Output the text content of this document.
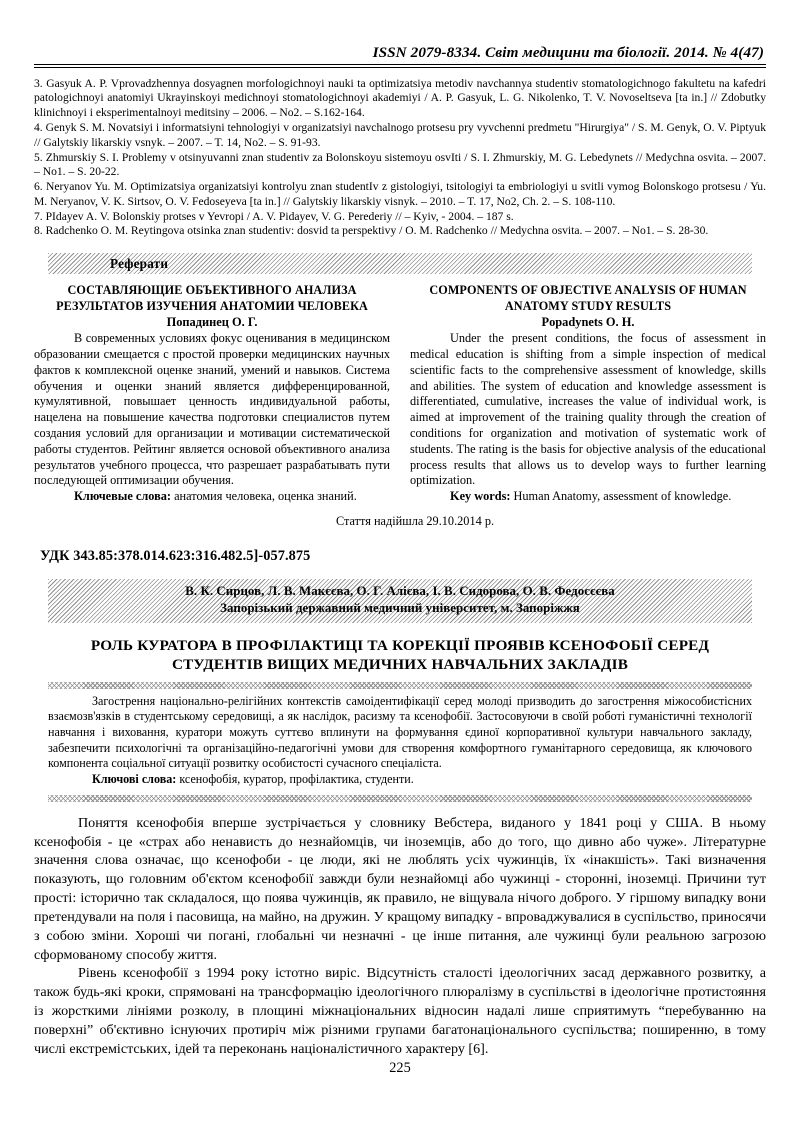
ISSN 2079-8334. Світ медицини та біології. 2014. № 4(47)

3. Gasyuk A. P. Vprovadzhennya dosyagnen morfologichnoyi nauki ta optimizatsiya metodiv navchannya studentiv stomatologichnogo fakultetu na kafedri patologichnoyi anatomiyi Ukrayinskoyi medichnoyi stomatologichnoyi akademiyi / A. P. Gasyuk, L. G. Nikolenko, T. V. Novoseltseva [ta in.] // Zdobutky klinichnoyi i eksperimentalnoyi meditsiny – 2006. – No2. – S.162-164.

4. Genyk S. M. Novatsiyi i informatsiyni tehnologiyi v organizatsiyi navchalnogo protsesu pry vyvchenni predmetu "Hirurgiya" / S. M. Genyk, O. V. Piptyuk // Galytskiy likarskiy vsnyk. – 2007. – T. 14, No2. – S. 91-93.

5. Zhmurskiy S. I. Problemy v otsinyuvanni znan studentiv za Bolonskoyu sistemoyu osvIti / S. I. Zhmurskiy, M. G. Lebedynets // Medychna osvita. – 2007. – No1. – S. 20-22.

6. Neryanov Yu. M. Optimizatsiya organizatsiyi kontrolyu znan studentIv z gistologiyi, tsitologiyi ta embriologiyi u svitli vymog Bolonskogo protsesu / Yu. M. Neryanov, V. K. Sirtsov, O. V. Fedoseyeva [ta in.] // Galytskiy likarskiy visnyk. – 2010. – T. 17, No2, Ch. 2. – S. 108-110.

7. PIdayev A. V. Bolonskiy protses v Yevropi / A. V. Pidayev, V. G. Perederiy // – Kyiv, - 2004. – 187 s.

8. Radchenko O. M. Reytingova otsinka znan studentiv: dosvid ta perspektivy / O. M. Radchenko // Medychna osvita. – 2007. – No1. – S. 28-30.

Реферати
СОСТАВЛЯЮЩИЕ ОБЪЕКТИВНОГО АНАЛИЗА РЕЗУЛЬТАТОВ ИЗУЧЕНИЯ АНАТОМИИ ЧЕЛОВЕКА
Попадинец О. Г.

В современных условиях фокус оценивания в медицинском образовании смещается с простой проверки медицинских научных фактов к комплексной оценке знаний, умений и навыков. Система обучения и оценки знаний является дифференцированной, кумулятивной, повышает ценность индивидуальной работы, нацелена на повышение качества подготовки специалистов путем создания условий для организации и мотивации систематической работы студентов. Рейтинг является основой объективного анализа результатов учебного процесса, что разрешает разрабатывать пути последующей оптимизации обучения.

Ключевые слова: анатомия человека, оценка знаний.

COMPONENTS OF OBJECTIVE ANALYSIS OF HUMAN ANATOMY STUDY RESULTS
Popadynets O. H.

Under the present conditions, the focus of assessment in medical education is shifting from a simple inspection of medical scientific facts to the comprehensive assessment of knowledge, skills and abilities. The system of education and knowledge assessment is differentiated, cumulative, increases the value of individual work, is aimed at improvement of the training quality through the creation of conditions for organization and motivation of systematic work of students. The rating is the basis for objective analysis of the educational process results that allows us to develop ways to further learning optimization.

Key words: Human Anatomy, assessment of knowledge.

Стаття надійшла 29.10.2014 р.
УДК 343.85:378.014.623:316.482.5]-057.875
В. К. Сирцов, Л. В. Макєєва, О. Г. Алієва, І. В. Сидорова, О. В. Федосєєва
Запорізький державний медичний університет, м. Запоріжжя
РОЛЬ КУРАТОРА В ПРОФІЛАКТИЦІ ТА КОРЕКЦІЇ ПРОЯВІВ КСЕНОФОБІЇ СЕРЕД СТУДЕНТІВ ВИЩИХ МЕДИЧНИХ НАВЧАЛЬНИХ ЗАКЛАДІВ

Загострення національно-релігійних контекстів самоідентифікації серед молоді призводить до загострення міжособистісних взаємозв'язків в студентському середовищі, а як наслідок, расизму та ксенофобії. Застосовуючи в своїй роботі гуманістичні технології навчання і виховання, куратори можуть суттєво вплинути на формування єдиної корпоративної культури навчального закладу, забезпечити психологічні та організаційно-педагогічні умови для створення комфортного гуманітарного середовища, як ключового компонента соціальної ситуації розвитку особистості сучасного спеціаліста.

Ключові слова: ксенофобія, куратор, профілактика, студенти.

Поняття ксенофобія вперше зустрічається у словнику Вебстера, виданого у 1841 році у США. В ньому ксенофобія - це «страх або ненависть до незнайомців, чи іноземців, або до того, що дивно або чуже». Літературне значення слова означає, що ксенофоби - це люди, які не люблять усіх чужинців, їх «інакшість». Такі визначення показують, що головним об'єктом ксенофобії завжди були незнайомці або чужинці - сторонні, іноземці. Причини тут прості: історично так складалося, що поява чужинців, як правило, не віщувала нічого доброго. У гіршому випадку вони претендували на поля і пасовища, на майно, на дружин. У кращому випадку - впроваджувалися в суспільство, приносячи з собою зміни. Хороші чи погані, глобальні чи незначні - це інше питання, але чужинці були реальною загрозою сформованому способу життя.

Рівень ксенофобії з 1994 року істотно виріс. Відсутність сталості ідеологічних засад державного розвитку, а також будь-які кроки, спрямовані на трансформацію ідеологічного плюралізму в суспільстві в ідеологічне протистояння із жорсткими лініями розколу, в площині міжнаціональних відносин надалі лише сприятимуть “перебуванню на поверхні” об'єктивно існуючих протиріч між різними групами багатонаціонального суспільства; поширенню, в тому числі екстремістських, ідей та переконань націоналістичного характеру [6].

225
